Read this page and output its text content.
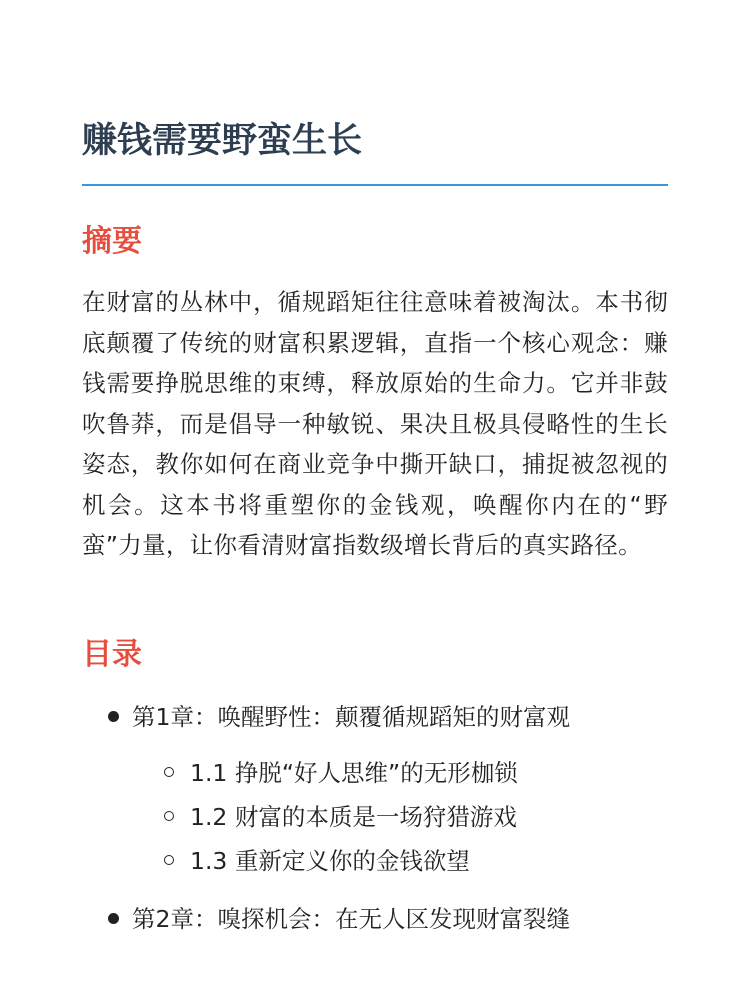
赚钱需要野蛮生长
摘要

在财富的丛林中，循规蹈矩往往意味着被淘汰。本书彻底颠覆了传统的财富积累逻辑，直指一个核心观念：赚钱需要挣脱思维的束缚，释放原始的生命力。它并非鼓吹鲁莽，而是倡导一种敏锐、果决且极具侵略性的生长姿态，教你如何在商业竞争中撕开缺口，捕捉被忽视的机会。这本书将重塑你的金钱观，唤醒你内在的“野蛮”力量，让你看清财富指数级增长背后的真实路径。

目录
第1章：唤醒野性：颠覆循规蹈矩的财富观
1.1 挣脱“好人思维”的无形枷锁
1.2 财富的本质是一场狩猎游戏
1.3 重新定义你的金钱欲望
第2章：嗅探机会：在无人区发现财富裂缝
